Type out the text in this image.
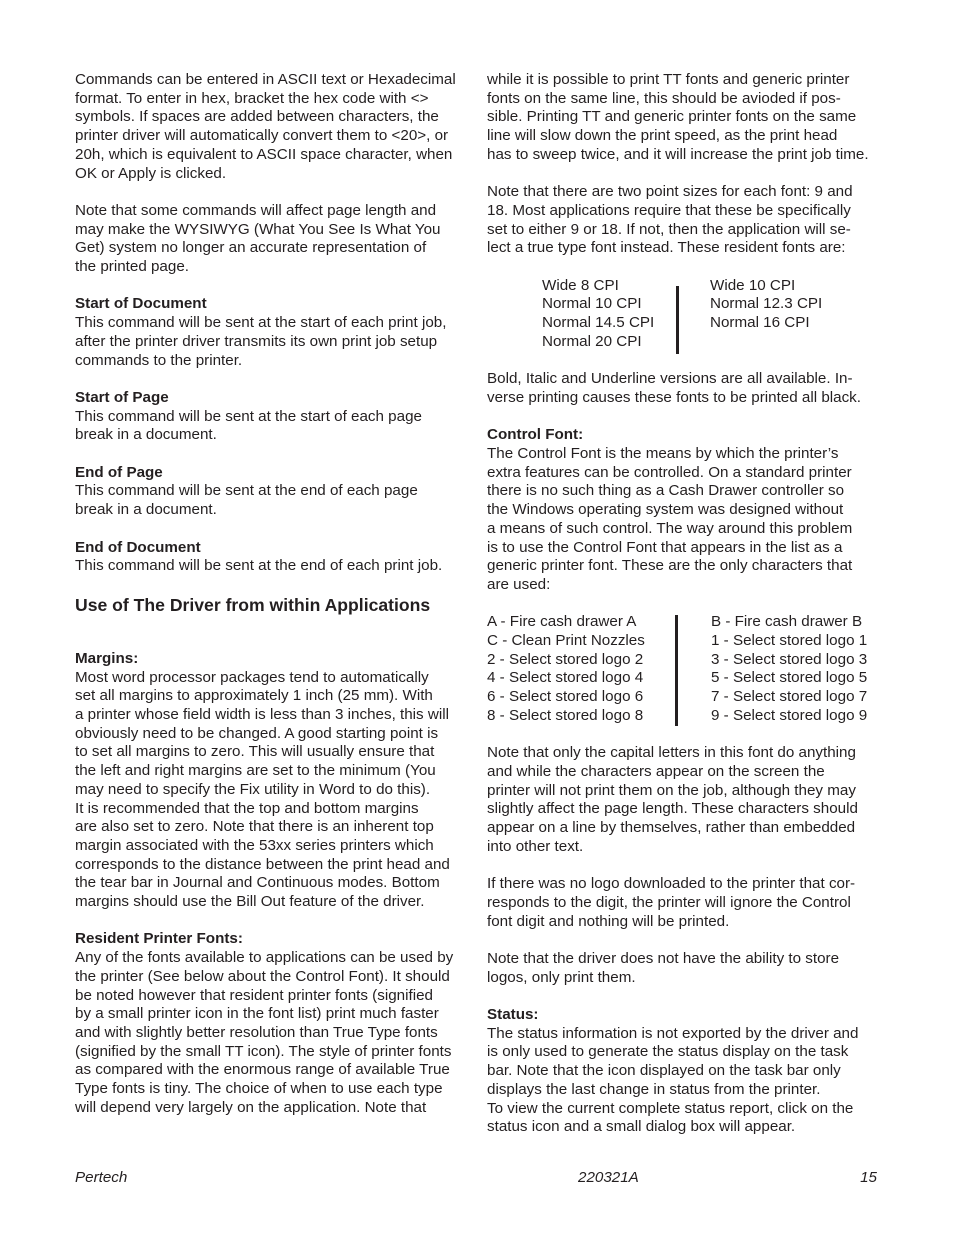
Commands can be entered in ASCII text or Hexadecimal
format. To enter in hex, bracket the hex code with <>
symbols. If spaces are added between characters, the
printer driver will automatically convert them to <20>, or
20h, which is equivalent to ASCII space character, when
OK or Apply is clicked.
Note that some commands will affect page length and
may make the WYSIWYG (What You See Is What You
Get) system no longer an accurate representation of
the printed page.

Start of Document

This command will be sent at the start of each print job,
after the printer driver transmits its own print job setup
commands to the printer.

Start of Page

This command will be sent at the start of each page
break in a document.

End of Page

This command will be sent at the end of each page
break in a document.

End of Document

This command will be sent at the end of each print job.
Use of The Driver from within Applications

Margins:

Most word processor packages tend to automatically
set all margins to approximately 1 inch (25 mm). With
a printer whose field width is less than 3 inches, this will
obviously need to be changed. A good starting point is
to set all margins to zero. This will usually ensure that
the left and right margins are set to the minimum (You
may need to specify the Fix utility in Word to do this).
It is recommended that the top and bottom margins
are also set to zero. Note that there is an inherent top
margin associated with the 53xx series printers which
corresponds to the distance between the print head and
the tear bar in Journal and Continuous modes. Bottom
margins should use the Bill Out feature of the driver.

Resident Printer Fonts:

Any of the fonts available to applications can be used by
the printer (See below about the Control Font). It should
be noted however that resident printer fonts (signified
by a small printer icon in the font list) print much faster
and with slightly better resolution than True Type fonts
(signified by the small TT icon). The style of printer fonts
as compared with the enormous range of available True
Type fonts is tiny. The choice of when to use each type
will depend very largely on the application. Note that
while it is possible to print TT fonts and generic printer
fonts on the same line, this should be avioded if pos-
sible. Printing TT and generic printer fonts on the same
line will slow down the print speed, as the print head
has to sweep twice, and it will increase the print job time.
Note that there are two point sizes for each font: 9 and
18. Most applications require that these be specifically
set to either 9 or 18. If not, then the application will se-
lect a true type font instead. These resident fonts are:
Wide 8 CPI
Normal 10 CPI
Normal 14.5 CPI
Normal 20 CPI
Wide 10 CPI
Normal 12.3 CPI
Normal 16 CPI
Bold, Italic and Underline versions are all available. In-
verse printing causes these fonts to be printed all black.

Control Font:

The Control Font is the means by which the printer’s
extra features can be controlled. On a standard printer
there is no such thing as a Cash Drawer controller so
the Windows operating system was designed without
a means of such control. The way around this problem
is to use the Control Font that appears in the list as a
generic printer font. These are the only characters that
are used:
A - Fire cash drawer A
C - Clean Print Nozzles
2 - Select stored logo 2
4 - Select stored logo 4
6 - Select stored logo 6
8 - Select stored logo 8
B - Fire cash drawer B
1 - Select stored logo 1
3 - Select stored logo 3
5 - Select stored logo 5
7 - Select stored logo 7
9 - Select stored logo 9
Note that only the capital letters in this font do anything
and while the characters appear on the screen the
printer will not print them on the job, although they may
slightly affect the page length. These characters should
appear on a line by themselves, rather than embedded
into other text.
If there was no logo downloaded to the printer that cor-
responds to the digit, the printer will ignore the Control
font digit and nothing will be printed.
Note that the driver does not have the ability to store
logos, only print them.

Status:

The status information is not exported by the driver and
is only used to generate the status display on the task
bar. Note that the icon displayed on the task bar only
displays the last change in status from the printer.
To view the current complete status report, click on the
status icon and a small dialog box will appear.
Pertech	220321A	15
